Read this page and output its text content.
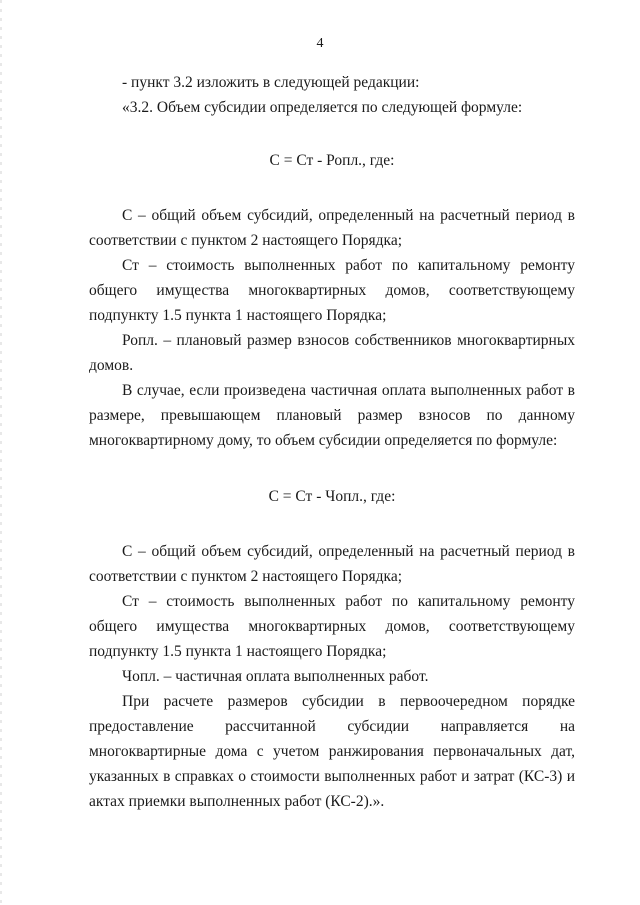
4

- пункт 3.2 изложить в следующей редакции:

«3.2. Объем субсидии определяется по следующей формуле:

С = Ст - Ропл., где:

С – общий объем субсидий, определенный на расчетный период в соответствии с пунктом 2 настоящего Порядка;

Ст – стоимость выполненных работ по капитальному ремонту общего имущества многоквартирных домов, соответствующему подпункту 1.5 пункта 1 настоящего Порядка;

Ропл. – плановый размер взносов собственников многоквартирных домов.

В случае, если произведена частичная оплата выполненных работ в размере, превышающем плановый размер взносов по данному многоквартирному дому, то объем субсидии определяется по формуле:

С = Ст - Чопл., где:

С – общий объем субсидий, определенный на расчетный период в соответствии с пунктом 2 настоящего Порядка;

Ст – стоимость выполненных работ по капитальному ремонту общего имущества многоквартирных домов, соответствующему подпункту 1.5 пункта 1 настоящего Порядка;

Чопл. – частичная оплата выполненных работ.

При расчете размеров субсидии в первоочередном порядке предоставление рассчитанной субсидии направляется на многоквартирные дома с учетом ранжирования первоначальных дат, указанных в справках о стоимости выполненных работ и затрат (КС-3) и актах приемки выполненных работ (КС-2).».
